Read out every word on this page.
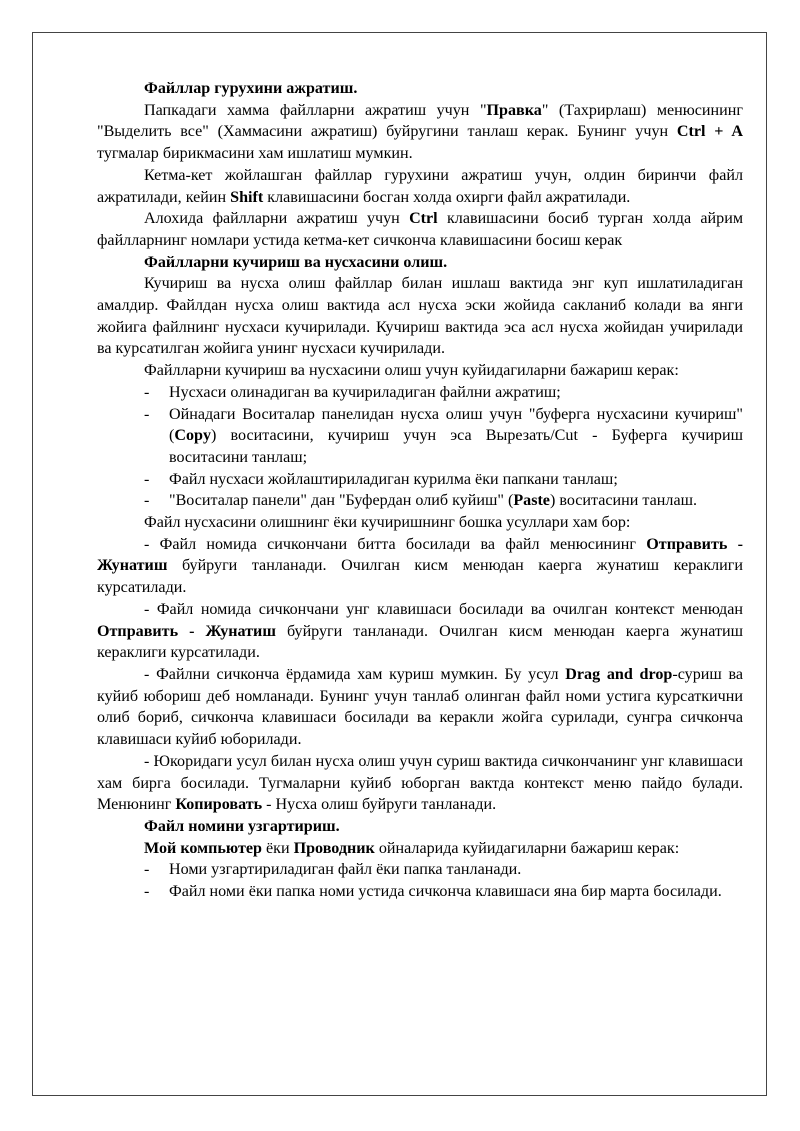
Файллар гурухини ажратиш.

Папкадаги хамма файлларни ажратиш учун "Правка" (Тахрирлаш) менюсининг "Выделить все" (Хаммасини ажратиш) буйругини танлаш керак. Бунинг учун Ctrl + A тугмалар бирикмасини хам ишлатиш мумкин.

Кетма-кет жойлашган файллар гурухини ажратиш учун, олдин биринчи файл ажратилади, кейин Shift клавишасини босган холда охирги файл ажратилади.

Алохида файлларни ажратиш учун Ctrl клавишасини босиб турган холда айрим файлларнинг номлари устида кетма-кет сичконча клавишасини босиш керак

Файлларни кучириш ва нусхасини олиш.

Кучириш ва нусха олиш файллар билан ишлаш вактида энг куп ишлатиладиган амалдир. Файлдан нусха олиш вактида асл нусха эски жойида сакланиб колади ва янги жойига файлнинг нусхаси кучирилади. Кучириш вактида эса асл нусха жойидан учирилади ва курсатилган жойига унинг нусхаси кучирилади.

Файлларни кучириш ва нусхасини олиш учун куйидагиларни бажариш керак:

- Нусхаси олинадиган ва кучириладиган файлни ажратиш;

- Ойнадаги Воситалар панелидан нусха олиш учун "буферга нусхасини кучириш" (Copy) воситасини, кучириш учун эса Вырезать/Cut - Буферга кучириш воситасини танлаш;

- Файл нусхаси жойлаштириладиган курилма ёки папкани танлаш;

- "Воситалар панели" дан "Буфердан олиб куйиш" (Paste) воситасини танлаш.

Файл нусхасини олишнинг ёки кучиришнинг бошка усуллари хам бор:

- Файл номида сичкончани битта босилади ва файл менюсининг Отправить - Жунатиш буйруги танланади. Очилган кисм менюдан каерга жунатиш кераклиги курсатилади.

- Файл номида сичкончани унг клавишаси босилади ва очилган контекст менюдан Отправить - Жунатиш буйруги танланади. Очилган кисм менюдан каерга жунатиш кераклиги курсатилади.

- Файлни сичконча ёрдамида хам куриш мумкин. Бу усул Drag and drop-суриш ва куйиб юбориш деб номланади. Бунинг учун танлаб олинган файл номи устига курсаткични олиб бориб, сичконча клавишаси босилади ва керакли жойга сурилади, сунгра сичконча клавишаси куйиб юборилади.

- Юкоридаги усул билан нусха олиш учун суриш вактида сичкончанинг унг клавишаси хам бирга босилади. Тугмаларни куйиб юборган вактда контекст меню пайдо булади. Менюнинг Копировать - Нусха олиш буйруги танланади.

Файл номини узгартириш.

Мой компьютер ёки Проводник ойналарида куйидагиларни бажариш керак:

- Номи узгартириладиган файл ёки папка танланади.

- Файл номи ёки папка номи устида сичконча клавишаси яна бир марта босилади.
